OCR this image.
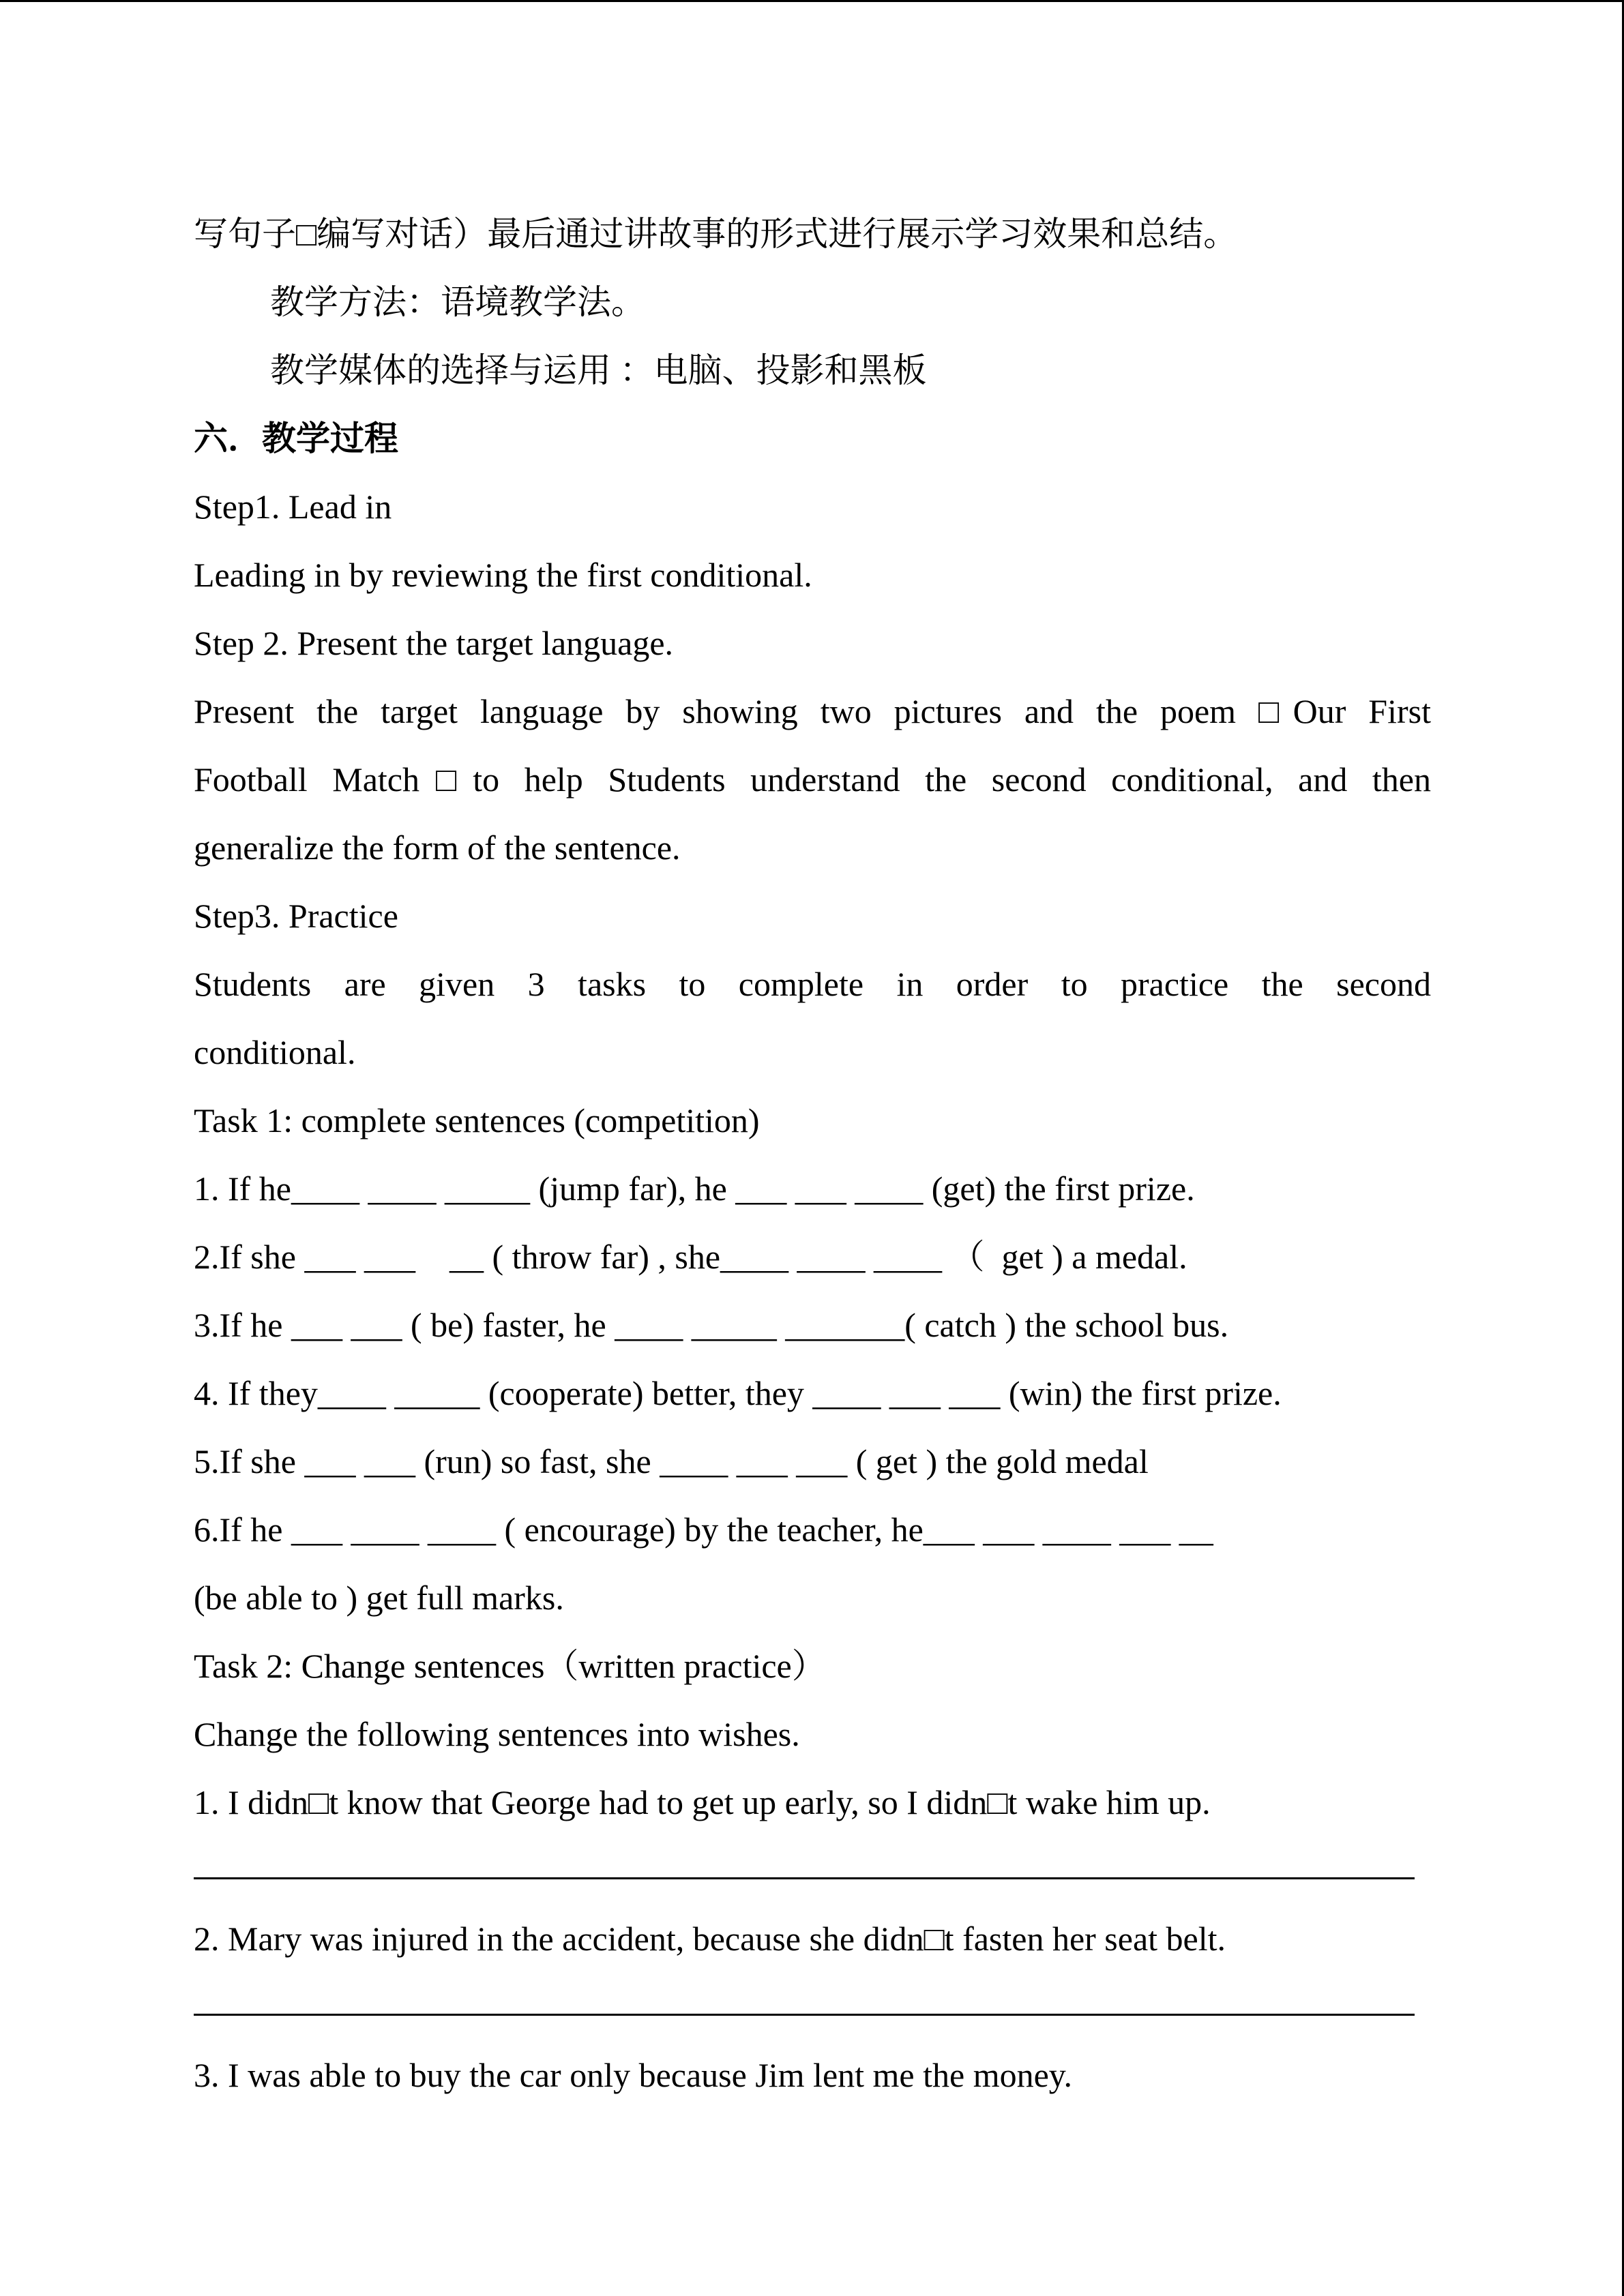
写句子□编写对话）最后通过讲故事的形式进行展示学习效果和总结。
教学方法：语境教学法。
教学媒体的选择与运用 ：电脑、投影和黑板
六．教学过程
Step1. Lead in
Leading in by reviewing the first conditional.
Step 2. Present the target language.
Present the target language by showing two pictures and the poem □Our First
Football Match□to help Students understand the second conditional, and then
generalize the form of the sentence.
Step3. Practice
Students are given 3 tasks to complete in order to practice the second
conditional.
Task 1: complete sentences (competition)
1. If he____ ____ _____ (jump far), he ___ ___ ____ (get) the first prize.
2.If she ___ ___    __ ( throw far) , she____ ____ ____ （  get ) a medal.
3.If he ___ ___ ( be) faster, he ____ _____ _______( catch ) the school bus.
4. If they____ _____ (cooperate) better, they ____ ___ ___ (win) the first prize.
5.If she ___ ___ (run) so fast, she ____ ___ ___ ( get ) the gold medal
6.If he ___ ____ ____ ( encourage) by the teacher, he___ ___ ____ ___ __
(be able to ) get full marks.
Task 2: Change sentences（written practice）
Change the following sentences into wishes.
1. I didn□t know that George had to get up early, so I didn□t wake him up.
2. Mary was injured in the accident, because she didn□t fasten her seat belt.
3. I was able to buy the car only because Jim lent me the money.
